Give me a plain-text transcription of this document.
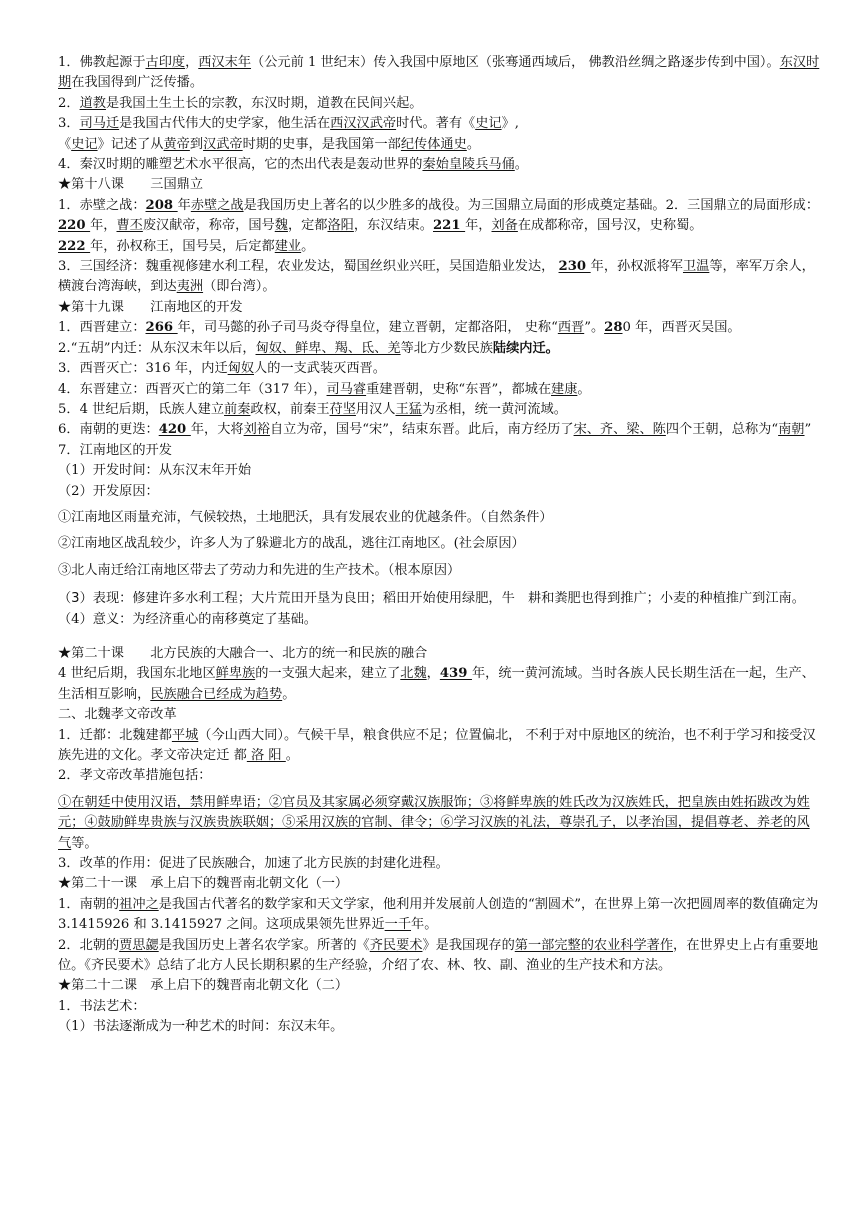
1．佛教起源于古印度，西汉末年（公元前 1 世纪末）传入我国中原地区（张骞通西域后， 佛教沿丝绸之路逐步传到中国）。东汉时期在我国得到广泛传播。
2．道教是我国土生土长的宗教，东汉时期，道教在民间兴起。
3．司马迁是我国古代伟大的史学家，他生活在西汉汉武帝时代。著有《史记》,
《史记》记述了从黄帝到汉武帝时期的史事，是我国第一部纪传体通史。
4．秦汉时期的雕塑艺术水平很高，它的杰出代表是轰动世界的秦始皇陵兵马俑。
★第十八课　　三国鼎立
1．赤壁之战：208 年赤壁之战是我国历史上著名的以少胜多的战役。为三国鼎立局面的形成奠定基础。2．三国鼎立的局面形成：220 年，曹丕废汉献帝，称帝，国号魏，定都洛阳，东汉结束。221 年，刘备在成都称帝，国号汉，史称蜀。
222 年，孙权称王，国号吴，后定都建业。
3．三国经济：魏重视修建水利工程，农业发达，蜀国丝织业兴旺，吴国造船业发达， 230 年，孙权派将军卫温等，率军万余人，横渡台湾海峡，到达夷洲（即台湾）。
★第十九课　　江南地区的开发
1．西晋建立：266 年，司马懿的孙子司马炎夺得皇位，建立晋朝，定都洛阳， 史称“西晋”。280 年，西晋灭吴国。
2.“五胡”内迁：从东汉末年以后，匈奴、鲜卑、羯、氐、羌等北方少数民族陆续内迁。
3．西晋灭亡：316 年，内迁匈奴人的一支武装灭西晋。
4．东晋建立：西晋灭亡的第二年（317 年），司马睿重建晋朝，史称“东晋”，都城在建康。
5．4 世纪后期，氐族人建立前秦政权，前秦王苻坚用汉人王猛为丞相，统一黄河流域。
6．南朝的更迭：420 年，大将刘裕自立为帝，国号“宋”，结束东晋。此后，南方经历了宋、齐、梁、陈四个王朝，总称为“南朝”
7．江南地区的开发
（1）开发时间：从东汉末年开始
（2）开发原因：
①江南地区雨量充沛，气候较热，土地肥沃，具有发展农业的优越条件。（自然条件）
②江南地区战乱较少，许多人为了躲避北方的战乱，逃往江南地区。(社会原因）
③北人南迁给江南地区带去了劳动力和先进的生产技术。（根本原因）
（3）表现：修建许多水利工程；大片荒田开垦为良田；稻田开始使用绿肥，牛　耕和粪肥也得到推广；小麦的种植推广到江南。
（4）意义：为经济重心的南移奠定了基础。
★第二十课　　北方民族的大融合一、北方的统一和民族的融合
4 世纪后期，我国东北地区鲜卑族的一支强大起来，建立了北魏，439 年，统一黄河流域。当时各族人民长期生活在一起，生产、生活相互影响，民族融合已经成为趋势。
二、北魏孝文帝改革
1．迁都：北魏建都平城（今山西大同）。气候干旱，粮食供应不足；位置偏北， 不利于对中原地区的统治，也不利于学习和接受汉族先进的文化。孝文帝决定迁 都 洛 阳 。
2．孝文帝改革措施包括：
①在朝廷中使用汉语，禁用鲜卑语；②官员及其家属必须穿戴汉族服饰；③将鲜卑族的姓氏改为汉族姓氏，把皇族由姓拓跋改为姓元；④鼓励鲜卑贵族与汉族贵族联姻；⑤采用汉族的官制、律令；⑥学习汉族的礼法，尊崇孔子，以孝治国，提倡尊老、养老的风气等。
3．改革的作用：促进了民族融合，加速了北方民族的封建化进程。
★第二十一课　承上启下的魏晋南北朝文化（一）
1．南朝的祖冲之是我国古代著名的数学家和天文学家，他利用并发展前人创造的“割圆术”，在世界上第一次把圆周率的数值确定为 3.1415926 和 3.1415927 之间。这项成果领先世界近一千年。
2．北朝的贾思勰是我国历史上著名农学家。所著的《齐民要术》是我国现存的第一部完整的农业科学著作，在世界史上占有重要地位。《齐民要术》总结了北方人民长期积累的生产经验，介绍了农、林、牧、副、渔业的生产技术和方法。
★第二十二课　承上启下的魏晋南北朝文化（二）
1．书法艺术：
（1）书法逐渐成为一种艺术的时间：东汉末年。
